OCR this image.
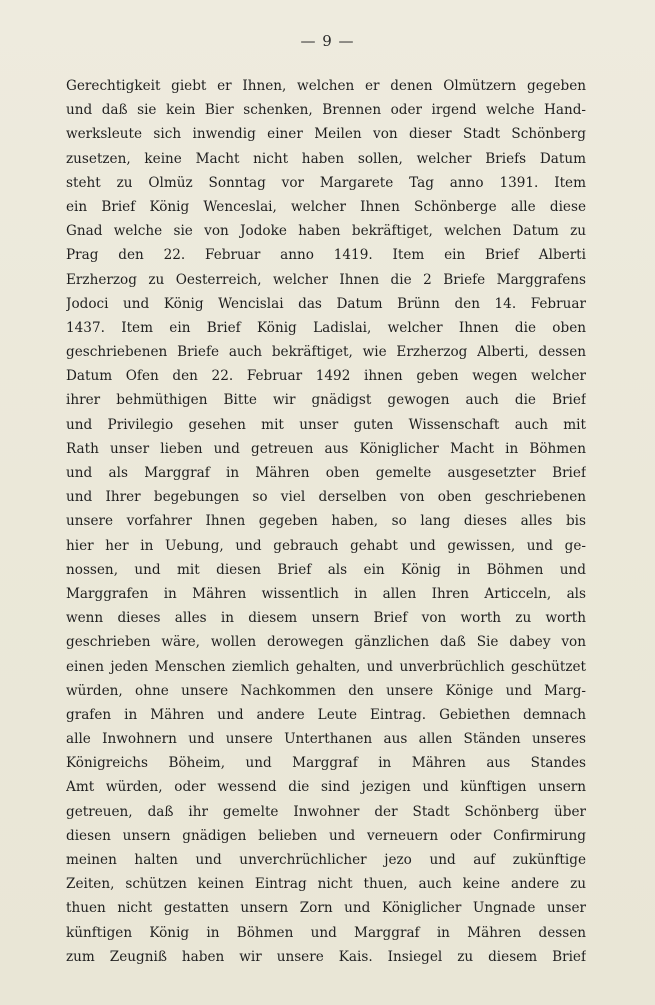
— 9 —
Gerechtigkeit giebt er Ihnen, welchen er denen Olmützern gegeben
und daß sie kein Bier schenken, Brennen oder irgend welche Hand-
werksleute sich inwendig einer Meilen von dieser Stadt Schönberg
zusetzen, keine Macht nicht haben sollen, welcher Briefs Datum
steht zu Olmüz Sonntag vor Margarete Tag anno 1391. Item
ein Brief König Wenceslai, welcher Ihnen Schönberge alle diese
Gnad welche sie von Jodoke haben bekräftiget, welchen Datum zu
Prag den 22. Februar anno 1419. Item ein Brief Alberti
Erzherzog zu Oesterreich, welcher Ihnen die 2 Briefe Marggrafens
Jodoci und König Wencislai das Datum Brünn den 14. Februar
1437. Item ein Brief König Ladislai, welcher Ihnen die oben
geschriebenen Briefe auch bekräftiget, wie Erzherzog Alberti, dessen
Datum Ofen den 22. Februar 1492 ihnen geben wegen welcher
ihrer behmüthigen Bitte wir gnädigst gewogen auch die Brief
und Privilegio gesehen mit unser guten Wissenschaft auch mit
Rath unser lieben und getreuen aus Königlicher Macht in Böhmen
und als Marggraf in Mähren oben gemelte ausgesetzter Brief
und Ihrer begebungen so viel derselben von oben geschriebenen
unsere vorfahrer Ihnen gegeben haben, so lang dieses alles bis
hier her in Uebung, und gebrauch gehabt und gewissen, und ge-
nossen, und mit diesen Brief als ein König in Böhmen und
Marggrafen in Mähren wissentlich in allen Ihren Articceln, als
wenn dieses alles in diesem unsern Brief von worth zu worth
geschrieben wäre, wollen derowegen gänzlichen daß Sie dabey von
einen jeden Menschen ziemlich gehalten, und unverbrüchlich geschützet
würden, ohne unsere Nachkommen den unsere Könige und Marg-
grafen in Mähren und andere Leute Eintrag. Gebiethen demnach
alle Inwohnern und unsere Unterthanen aus allen Ständen unseres
Königreichs Böheim, und Marggraf in Mähren aus Standes
Amt würden, oder wessend die sind jezigen und künftigen unsern
getreuen, daß ihr gemelte Inwohner der Stadt Schönberg über
diesen unsern gnädigen belieben und verneuern oder Confirmirung
meinen halten und unverchrüchlicher jezo und auf zukünftige
Zeiten, schützen keinen Eintrag nicht thuen, auch keine andere zu
thuen nicht gestatten unsern Zorn und Königlicher Ungnade unser
künftigen König in Böhmen und Marggraf in Mähren dessen
zum Zeugniß haben wir unsere Kais. Insiegel zu diesem Brief
